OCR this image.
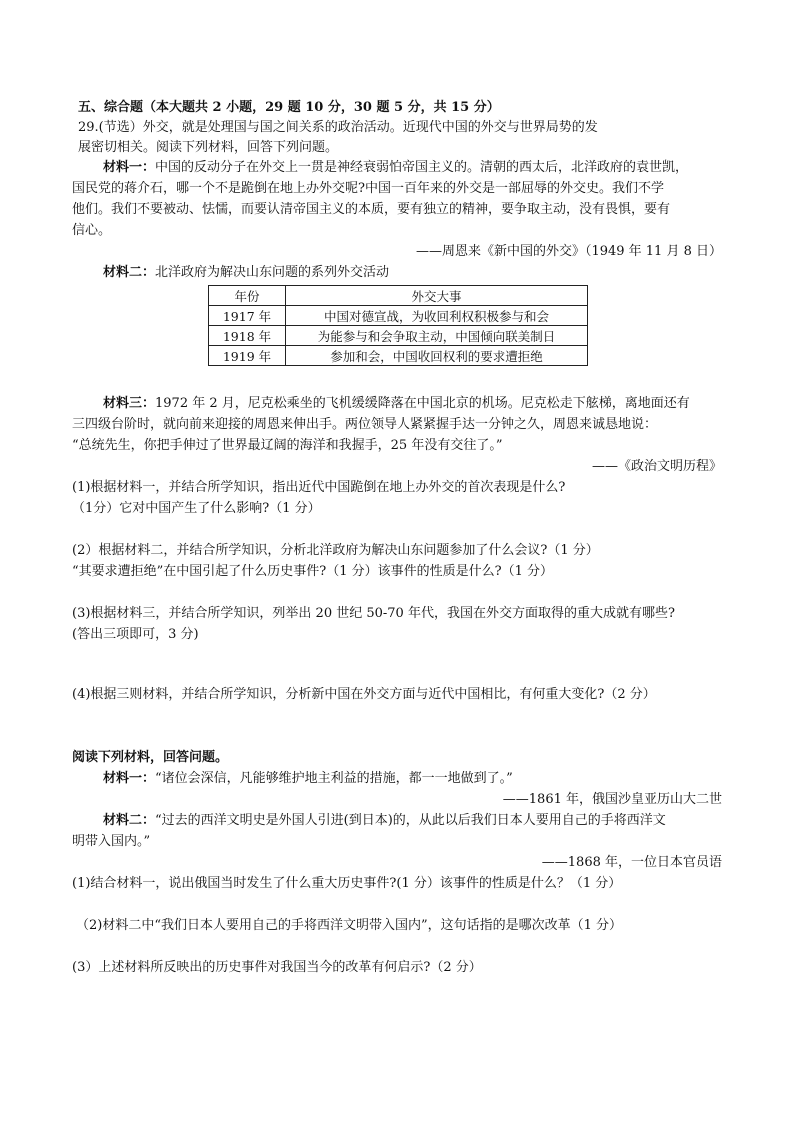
五、综合题（本大题共 2 小题，29 题 10 分，30 题 5 分，共 15 分）
29.(节选）外交，就是处理国与国之间关系的政治活动。近现代中国的外交与世界局势的发
展密切相关。阅读下列材料，回答下列问题。
材料一：中国的反动分子在外交上一贯是神经衰弱怕帝国主义的。清朝的西太后，北洋政府的袁世凯，
国民党的蒋介石，哪一个不是跪倒在地上办外交呢?中国一百年来的外交是一部屈辱的外交史。我们不学
他们。我们不要被动、怯懦，而要认清帝国主义的本质，要有独立的精神，要争取主动，没有畏惧，要有
信心。
——周恩来《新中国的外交》（1949 年 11 月 8 日）
材料二：北洋政府为解决山东问题的系列外交活动
年份	外交大事
1917 年	中国对德宣战，为收回利权积极参与和会
1918 年	为能参与和会争取主动，中国倾向联美制日
1919 年	参加和会，中国收回权利的要求遭拒绝
材料三：1972 年 2 月，尼克松乘坐的飞机缓缓降落在中国北京的机场。尼克松走下舷梯，离地面还有
三四级台阶时，就向前来迎接的周恩来伸出手。两位领导人紧紧握手达一分钟之久，周恩来诚恳地说：
“总统先生，你把手伸过了世界最辽阔的海洋和我握手，25 年没有交往了。”
——《政治文明历程》
(1)根据材料一，并结合所学知识，指出近代中国跪倒在地上办外交的首次表现是什么?
（1分）它对中国产生了什么影响?（1 分）
(2）根据材料二，并结合所学知识，分析北洋政府为解决山东问题参加了什么会议?（1 分）
“其要求遭拒绝”在中国引起了什么历史事件?（1 分）该事件的性质是什么?（1 分）
(3)根据材料三，并结合所学知识，列举出 20 世纪 50-70 年代，我国在外交方面取得的重大成就有哪些?
(答出三项即可，3 分)
(4)根据三则材料，并结合所学知识，分析新中国在外交方面与近代中国相比，有何重大变化?（2 分）
阅读下列材料，回答问题。
材料一：“诸位会深信，凡能够维护地主利益的措施，都一一地做到了。”
——1861 年，俄国沙皇亚历山大二世
材料二：“过去的西洋文明史是外国人引进(到日本)的，从此以后我们日本人要用自己的手将西洋文
明带入国内。”
——1868 年，一位日本官员语
(1)结合材料一，说出俄国当时发生了什么重大历史事件?(1 分）该事件的性质是什么？（1 分）
（2)材料二中“我们日本人要用自己的手将西洋文明带入国内”，这句话指的是哪次改革（1 分）
(3）上述材料所反映出的历史事件对我国当今的改革有何启示?（2 分）
